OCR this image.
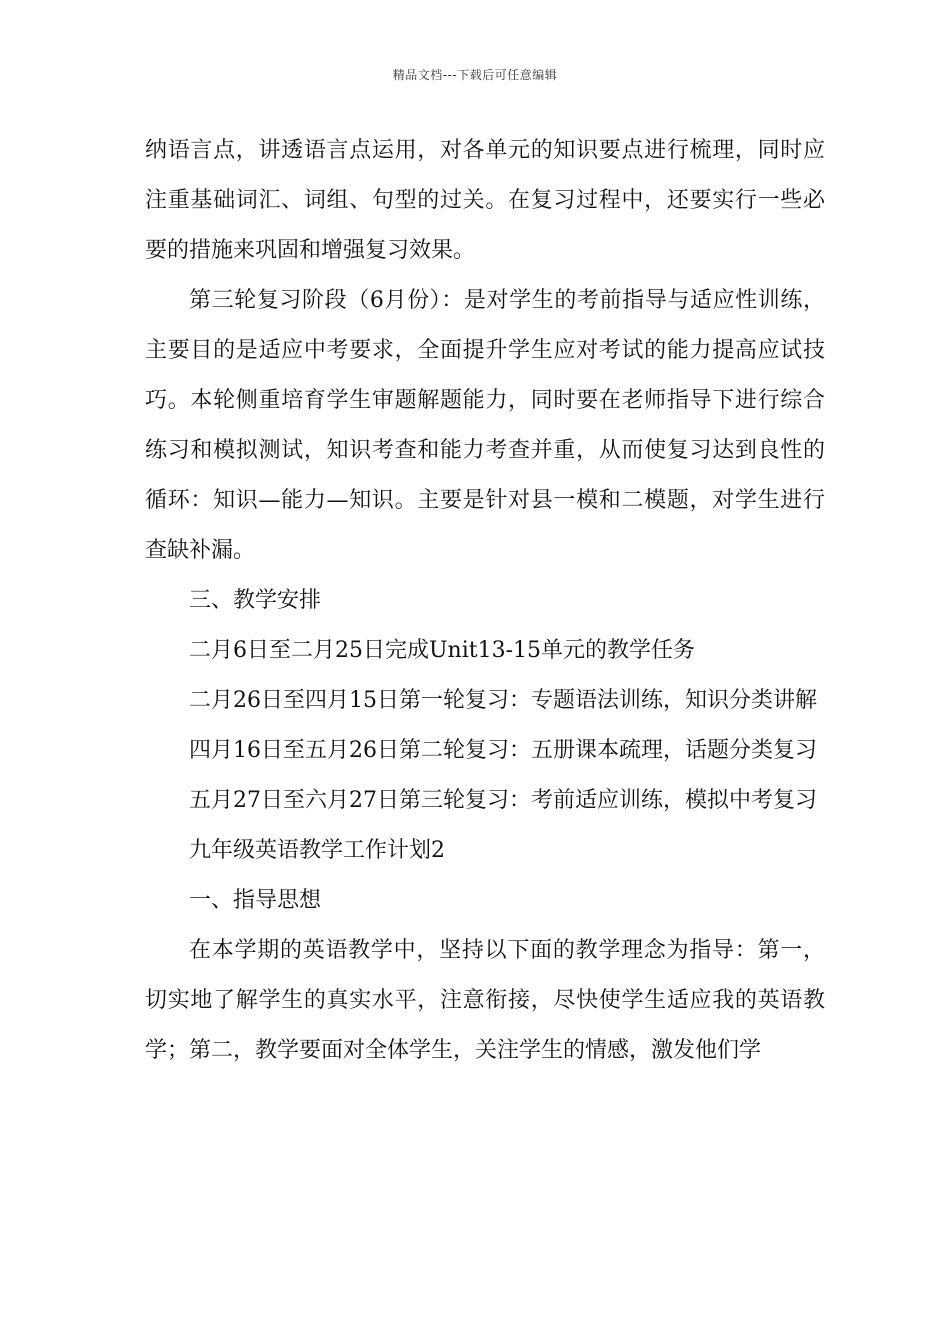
精品文档---下载后可任意编辑

纳语言点，讲透语言点运用，对各单元的知识要点进行梳理，同时应注重基础词汇、词组、句型的过关。在复习过程中，还要实行一些必要的措施来巩固和增强复习效果。

第三轮复习阶段（6月份）：是对学生的考前指导与适应性训练，主要目的是适应中考要求，全面提升学生应对考试的能力提高应试技巧。本轮侧重培育学生审题解题能力，同时要在老师指导下进行综合练习和模拟测试，知识考查和能力考查并重，从而使复习达到良性的循环：知识—能力—知识。主要是针对县一模和二模题，对学生进行查缺补漏。

三、教学安排

二月6日至二月25日完成Unit13-15单元的教学任务

二月26日至四月15日第一轮复习：专题语法训练，知识分类讲解

四月16日至五月26日第二轮复习：五册课本疏理，话题分类复习

五月27日至六月27日第三轮复习：考前适应训练，模拟中考复习

九年级英语教学工作计划2

一、指导思想

在本学期的英语教学中，坚持以下面的教学理念为指导：第一，切实地了解学生的真实水平，注意衔接，尽快使学生适应我的英语教学；第二，教学要面对全体学生，关注学生的情感，激发他们学
